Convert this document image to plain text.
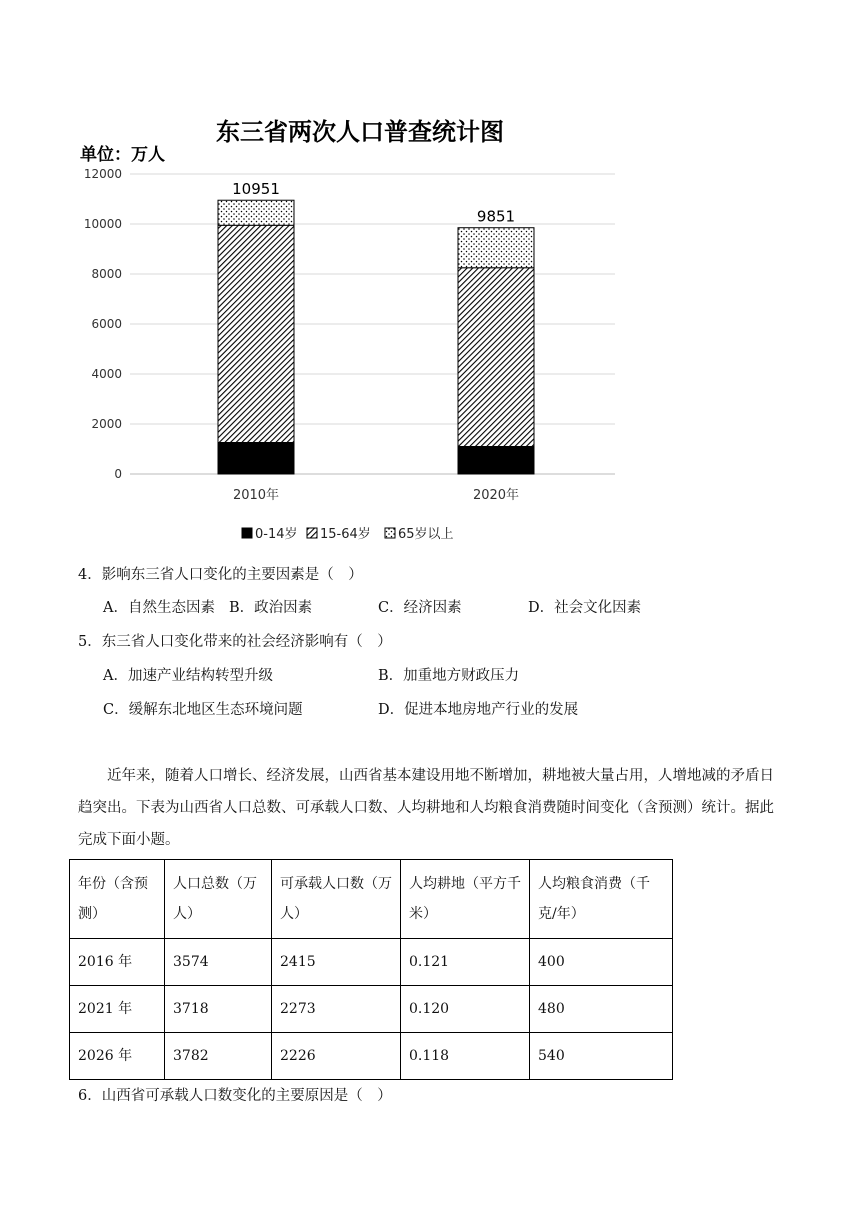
东三省两次人口普查统计图
单位：万人
0
2000
4000
6000
8000
10000
12000
10951
9851
2010年	2020年
0-14岁 15-64岁 65岁以上
4．影响东三省人口变化的主要因素是（　）
A．自然生态因素 B．政治因素	C．经济因素	D．社会文化因素
5．东三省人口变化带来的社会经济影响有（　）
A．加速产业结构转型升级	B．加重地方财政压力
C．缓解东北地区生态环境问题	D．促进本地房地产行业的发展
近年来，随着人口增长、经济发展，山西省基本建设用地不断增加，耕地被大量占用，人增地减的矛盾日趋突出。下表为山西省人口总数、可承载人口数、人均耕地和人均粮食消费随时间变化（含预测）统计。据此完成下面小题。
年份（含预测）	人口总数（万人）	可承载人口数（万人）	人均耕地（平方千米）	人均粮食消费（千克/年）
2016 年	3574	2415	0.121	400
2021 年	3718	2273	0.120	480
2026 年	3782	2226	0.118	540
6．山西省可承载人口数变化的主要原因是（　）
